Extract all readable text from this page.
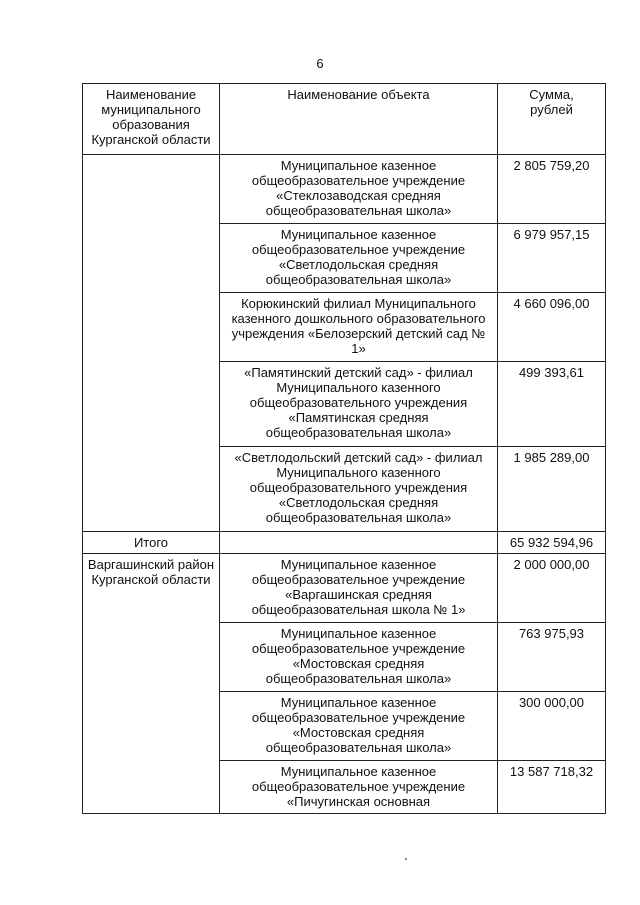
6
Наименование муниципального образования Курганской области	Наименование объекта	Сумма, рублей
	Муниципальное казенное общеобразовательное учреждение «Стеклозаводская средняя общеобразовательная школа»	2 805 759,20
	Муниципальное казенное общеобразовательное учреждение «Светлодольская средняя общеобразовательная школа»	6 979 957,15
	Корюкинский филиал Муниципального казенного дошкольного образовательного учреждения «Белозерский детский сад № 1»	4 660 096,00
	«Памятинский детский сад» - филиал Муниципального казенного общеобразовательного учреждения «Памятинская средняя общеобразовательная школа»	499 393,61
	«Светлодольский детский сад» - филиал Муниципального казенного общеобразовательного учреждения «Светлодольская средняя общеобразовательная школа»	1 985 289,00
Итого		65 932 594,96
Варгашинский район Курганской области	Муниципальное казенное общеобразовательное учреждение «Варгашинская средняя общеобразовательная школа № 1»	2 000 000,00
	Муниципальное казенное общеобразовательное учреждение «Мостовская средняя общеобразовательная школа»	763 975,93
	Муниципальное казенное общеобразовательное учреждение «Мостовская средняя общеобразовательная школа»	300 000,00
	Муниципальное казенное общеобразовательное учреждение «Пичугинская основная	13 587 718,32
